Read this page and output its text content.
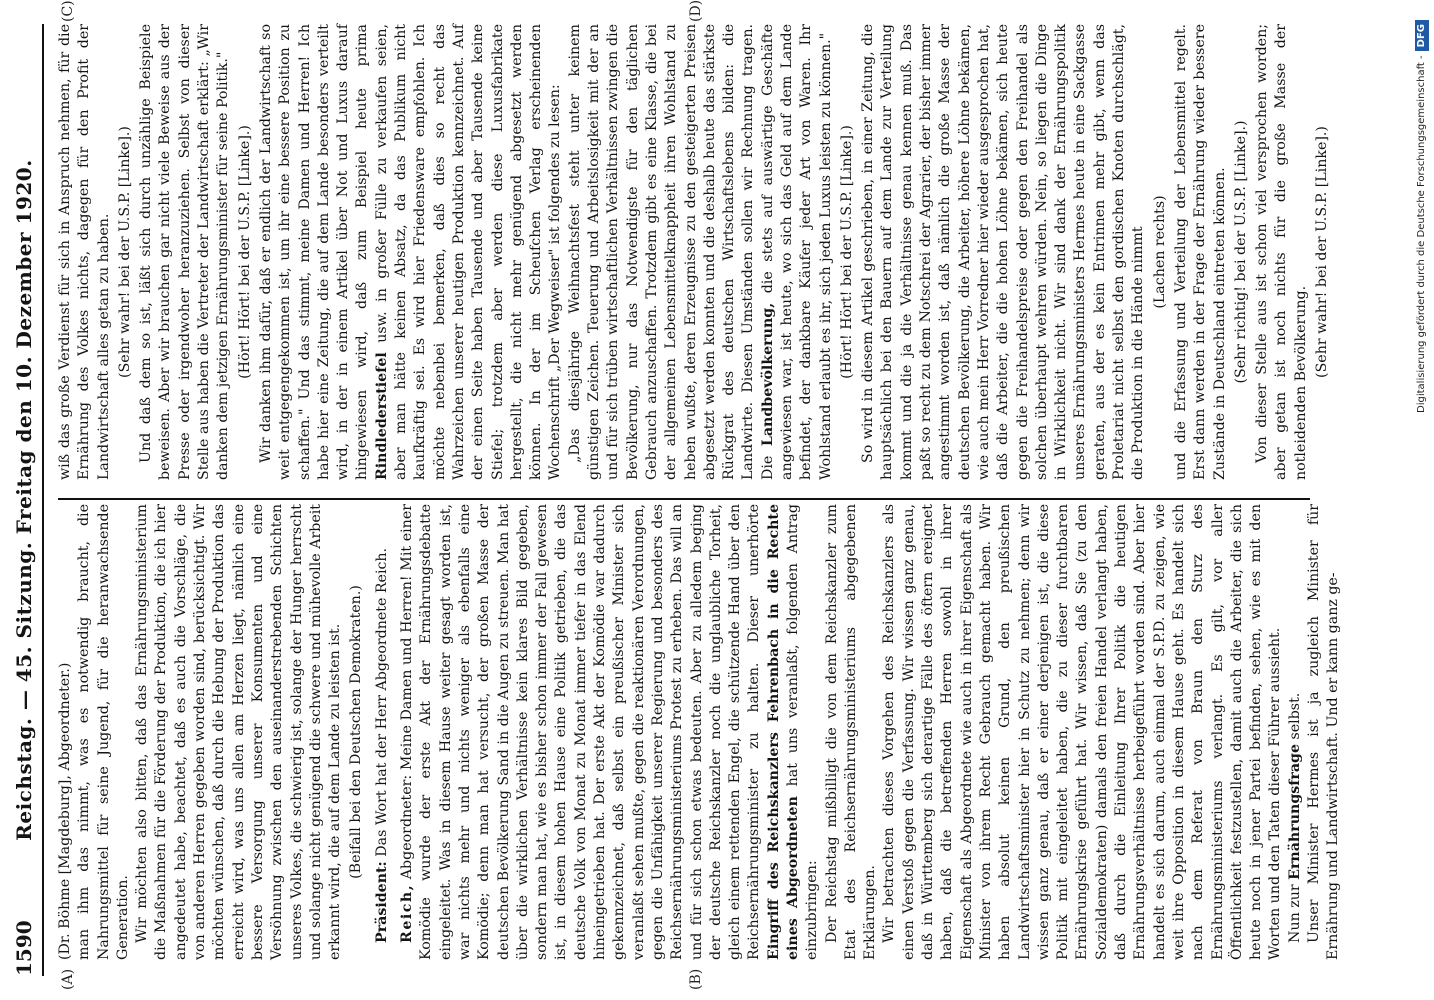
1590
Reichstag. — 45. Sitzung. Freitag den 10. Dezember 1920.
(A)	(B)
(C)	(D)

(Dr. Böhme [Magdeburg], Abgeordneter.) man ihm das nimmt, was es notwendig braucht, die Nahrungsmittel für seine Jugend, für die heranwachsende Generation. Wir möchten also bitten, daß das Ernährungsministerium die Maßnahmen für die Förderung der Produktion, die ich hier angedeutet habe, beachtet, daß es auch die Vorschläge, die von anderen Herren gegeben worden sind, berücksichtigt. Wir möchten wünschen, daß durch die Hebung der Produktion das erreicht wird, was uns allen am Herzen liegt, nämlich eine bessere Versorgung unserer Konsumenten und eine Versöhnung zwischen den auseinanderstrebenden Schichten unseres Volkes, die schwierig ist, solange der Hunger herrscht und solange nicht genügend die schwere und mühevolle Arbeit erkannt wird, die auf dem Lande zu leisten ist. (Beifall bei den Deutschen Demokraten.)

Präsident: Das Wort hat der Herr Abgeordnete Reich.

Reich, Abgeordneter: Meine Damen und Herren! Mit einer Komödie wurde der erste Akt der Ernährungsdebatte eingeleitet. Was in diesem Hause weiter gesagt worden ist, war nichts mehr und nichts weniger als ebenfalls eine Komödie; denn man hat versucht, der großen Masse der deutschen Bevölkerung Sand in die Augen zu streuen. Man hat über die wirklichen Verhältnisse kein klares Bild gegeben, sondern man hat, wie es bisher schon immer der Fall gewesen ist, in diesem hohen Hause eine Politik getrieben, die das deutsche Volk von Monat zu Monat immer tiefer in das Elend hineingetrieben hat. Der erste Akt der Komödie war dadurch gekennzeichnet, daß selbst ein preußischer Minister sich veranlaßt sehen mußte, gegen die reaktionären Verordnungen, gegen die Unfähigkeit unserer Regierung und besonders des Reichsernährungsministeriums Protest zu erheben. Das will an und für sich schon etwas bedeuten. Aber zu alledem beging der deutsche Reichskanzler noch die unglaubliche Torheit, gleich einem rettenden Engel, die schützende Hand über den Reichsernährungsminister zu halten. Dieser unerhörte Eingriff des Reichskanzlers Fehrenbach in die Rechte eines Abgeordneten hat uns veranlaßt, folgenden Antrag einzubringen: Der Reichstag mißbilligt die von dem Reichskanzler zum Etat des Reichsernährungsministeriums abgegebenen Erklärungen. Wir betrachten dieses Vorgehen des Reichskanzlers als einen Verstoß gegen die Verfassung. Wir wissen ganz genau, daß in Württemberg sich derartige Fälle des öftern ereignet haben, daß die betreffenden Herren sowohl in ihrer Eigenschaft als Abgeordnete wie auch in ihrer Eigenschaft als Minister von ihrem Recht Gebrauch gemacht haben. Wir haben absolut keinen Grund, den preußischen Landwirtschaftsminister hier in Schutz zu nehmen; denn wir wissen ganz genau, daß er einer derjenigen ist, die diese Politik mit eingeleitet haben, die zu dieser furchtbaren Ernährungskrise geführt hat. Wir wissen, daß Sie (zu den Sozialdemokraten) damals den freien Handel verlangt haben, daß durch die Einleitung Ihrer Politik die heutigen Ernährungsverhältnisse herbeigeführt worden sind. Aber hier handelt es sich darum, auch einmal der S.P.D. zu zeigen, wie weit ihre Opposition in diesem Hause geht. Es handelt sich nach dem Referat von Braun den Sturz des Ernährungsministeriums verlangt. Es gilt, vor aller Öffentlichkeit festzustellen, damit auch die Arbeiter, die sich heute noch in jener Partei befinden, sehen, wie es mit den Worten und den Taten dieser Führer aussieht. Nun zur Ernährungsfrage selbst. Unser Minister Hermes ist ja zugleich Minister für Ernährung und Landwirtschaft. Und er kann ganz ge-

wiß das große Verdienst für sich in Anspruch nehmen, für die Ernährung des Volkes nichts, dagegen für den Profit der Landwirtschaft alles getan zu haben. (Sehr wahr! bei der U.S.P. [Linke].) Und daß dem so ist, läßt sich durch unzählige Beispiele beweisen. Aber wir brauchen gar nicht viele Beweise aus der Presse oder irgendwoher heranzuziehen. Selbst von dieser Stelle aus haben die Vertreter der Landwirtschaft erklärt: „Wir danken dem jetzigen Ernährungsminister für seine Politik." (Hört! Hört! bei der U.S.P. [Linke].) Wir danken ihm dafür, daß er endlich der Landwirtschaft so weit entgegengekommen ist, um ihr eine bessere Position zu schaffen." Und das stimmt, meine Damen und Herren! Ich habe hier eine Zeitung, die auf dem Lande besonders verteilt wird, in der in einem Artikel über Not und Luxus darauf hingewiesen wird, daß zum Beispiel heute prima Rindlederstiefel usw. in großer Fülle zu verkaufen seien, aber man hätte keinen Absatz, da das Publikum nicht kaufkräftig sei. Es wird hier Friedensware empfohlen. Ich möchte nebenbei bemerken, daß dies so recht das Wahrzeichen unserer heutigen Produktion kennzeichnet. Auf der einen Seite haben Tausende und aber Tausende keine Stiefel; trotzdem aber werden diese Luxusfabrikate hergestellt, die nicht mehr genügend abgesetzt werden können. In der im Scheufchen Verlag erscheinenden Wochenschrift „Der Wegweiser" ist folgendes zu lesen: „Das diesjährige Weihnachtsfest steht unter keinem günstigen Zeichen. Teuerung und Arbeitslosigkeit mit der an und für sich trüben wirtschaftlichen Verhältnissen zwingen die Bevölkerung, nur das Notwendigste für den täglichen Gebrauch anzuschaffen. Trotzdem gibt es eine Klasse, die bei der allgemeinen Lebensmittelknappheit ihren Wohlstand zu heben wußte, deren Erzeugnisse zu den gesteigerten Preisen abgesetzt werden konnten und die deshalb heute das stärkste Rückgrat des deutschen Wirtschaftslebens bilden: die Landwirte. Diesen Umständen sollen wir Rechnung tragen. Die Landbevölkerung, die stets auf auswärtige Geschäfte angewiesen war, ist heute, wo sich das Geld auf dem Lande befindet, der dankbare Käufer jeder Art von Waren. Ihr Wohlstand erlaubt es ihr, sich jeden Luxus leisten zu können." (Hört! Hört! bei der U.S.P. [Linke].) So wird in diesem Artikel geschrieben, in einer Zeitung, die hauptsächlich bei den Bauern auf dem Lande zur Verteilung kommt und die ja die Verhältnisse genau kennen muß. Das paßt so recht zu dem Notschrei der Agrarier, der bisher immer angestimmt worden ist, daß nämlich die große Masse der deutschen Bevölkerung, die Arbeiter, höhere Löhne bekämen, wie auch mein Herr Vorredner hier wieder ausgesprochen hat, daß die Arbeiter, die die hohen Löhne bekämen, sich heute gegen die Freihandelspreise oder gegen den Freihandel als solchen überhaupt wehren würden. Nein, so liegen die Dinge in Wirklichkeit nicht. Wir sind dank der Ernährungspolitik unseres Ernährungsministers Hermes heute in eine Sackgasse geraten, aus der es kein Entrinnen mehr gibt, wenn das Proletariat nicht selbst den gordischen Knoten durchschlägt, die Produktion in die Hände nimmt (Lachen rechts) und die Erfassung und Verteilung der Lebensmittel regelt. Erst dann werden in der Frage der Ernährung wieder bessere Zustände in Deutschland eintreten können. (Sehr richtig! bei der U.S.P. [Linke].) Von dieser Stelle aus ist schon viel versprochen worden; aber getan ist noch nichts für die große Masse der notleidenden Bevölkerung.

(Sehr wahr! bei der U.S.P. [Linke].)	Digitalisierung gefördert durch die Deutsche Forschungsgemeinschaft -DFG
